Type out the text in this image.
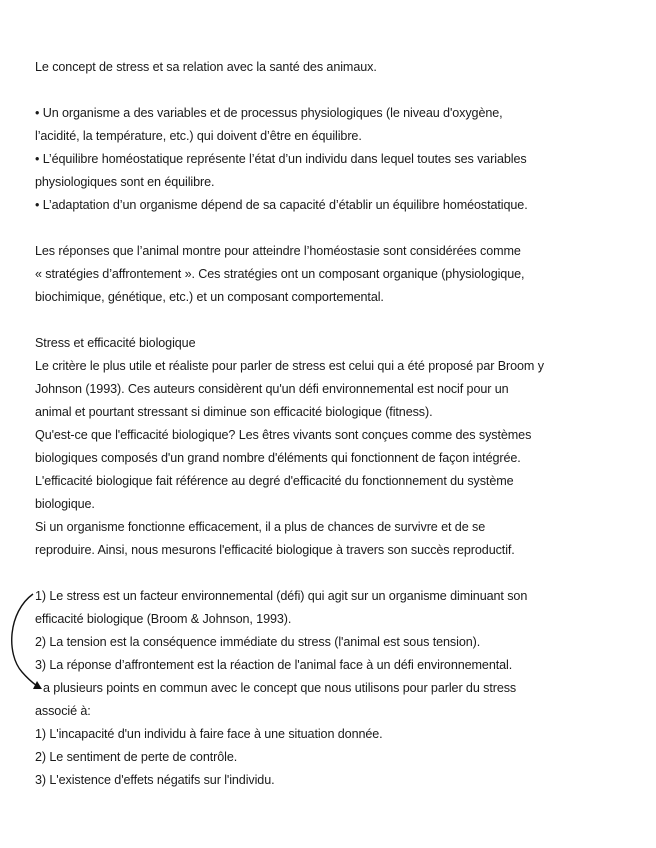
Le concept de stress et sa relation avec la santé des animaux.
• Un organisme a des variables et de processus physiologiques (le niveau d'oxygène,
l’acidité, la température, etc.) qui doivent d’être en équilibre.
• L’équilibre homéostatique représente l’état d’un individu dans lequel toutes ses variables
physiologiques sont en équilibre.
• L’adaptation d’un organisme dépend de sa capacité d’établir un équilibre homéostatique.
Les réponses que l’animal montre pour atteindre l’homéostasie sont considérées comme
« stratégies d’affrontement ». Ces stratégies ont un composant organique (physiologique,
biochimique, génétique, etc.) et un composant comportemental.
Stress et efficacité biologique
Le critère le plus utile et réaliste pour parler de stress est celui qui a été proposé par Broom y
Johnson (1993). Ces auteurs considèrent qu'un défi environnemental est nocif pour un
animal et pourtant stressant si diminue son efficacité biologique (fitness).
Qu'est-ce que l'efficacité biologique? Les êtres vivants sont conçues comme des systèmes
biologiques composés d'un grand nombre d'éléments qui fonctionnent de façon intégrée.
L'efficacité biologique fait référence au degré d'efficacité du fonctionnement du système
biologique.
Si un organisme fonctionne efficacement, il a plus de chances de survivre et de se
reproduire. Ainsi, nous mesurons l'efficacité biologique à travers son succès reproductif.
1) Le stress est un facteur environnemental (défi) qui agit sur un organisme diminuant son
efficacité biologique (Broom & Johnson, 1993).
2) La tension est la conséquence immédiate du stress (l'animal est sous tension).
3) La réponse d’affrontement est la réaction de l'animal face à un défi environnemental.
a plusieurs points en commun avec le concept que nous utilisons pour parler du stress
associé à:
1) L'incapacité d'un individu à faire face à une situation donnée.
2) Le sentiment de perte de contrôle.
3) L'existence d'effets négatifs sur l'individu.
